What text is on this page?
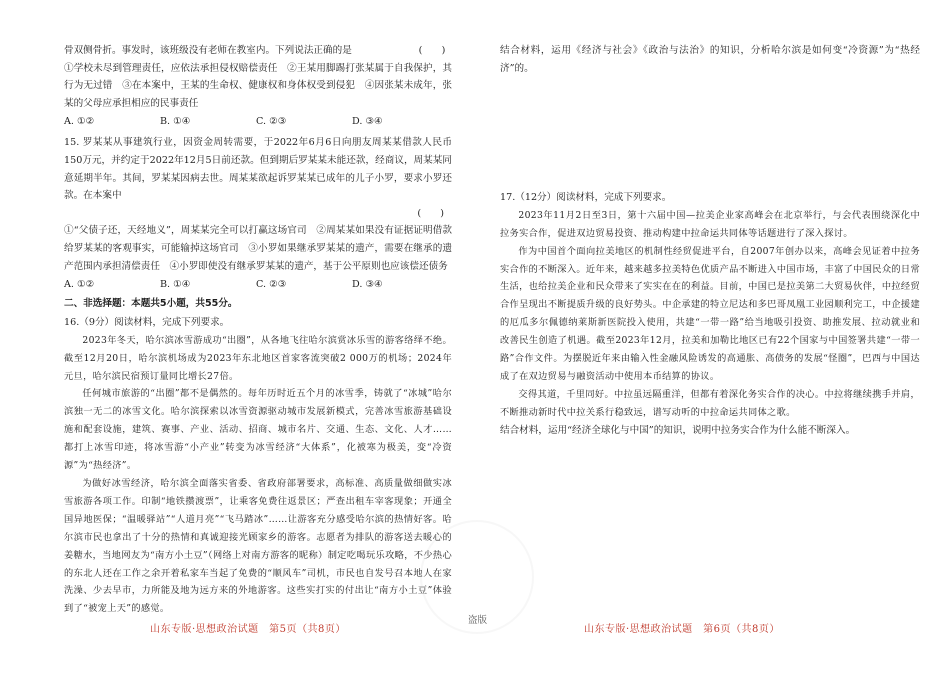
骨双侧骨折。事发时，该班级没有老师在教室内。下列说法正确的是	(　　)

①学校未尽到管理责任，应依法承担侵权赔偿责任　②王某用脚踢打张某属于自我保护，其行为无过错　③在本案中，王某的生命权、健康权和身体权受到侵犯　④因张某未成年，张某的父母应承担相应的民事责任

A. ①②	B. ①④	C. ②③	D. ③④

15. 罗某某从事建筑行业，因资金周转需要，于2022年6月6日向朋友周某某借款人民币150万元，并约定于2022年12月5日前还款。但到期后罗某某未能还款，经商议，周某某同意延期半年。其间，罗某某因病去世。周某某欲起诉罗某某已成年的儿子小罗，要求小罗还款。在本案中

(　　)

①“父债子还，天经地义”，周某某完全可以打赢这场官司　②周某某如果没有证据证明借款给罗某某的客观事实，可能输掉这场官司　③小罗如果继承罗某某的遗产，需要在继承的遗产范围内承担清偿责任　④小罗即使没有继承罗某某的遗产，基于公平原则也应该偿还债务

A. ①②	B. ①④	C. ②③	D. ③④

二、非选择题：本题共5小题，共55分。

16.（9分）阅读材料，完成下列要求。

2023年冬天，哈尔滨冰雪游成功“出圈”，从各地飞往哈尔滨赏冰乐雪的游客络绎不绝。截至12月20日，哈尔滨机场成为2023年东北地区首家客流突破2 000万的机场；2024年元旦，哈尔滨民宿预订量同比增长27倍。

任何城市旅游的“出圈”都不是偶然的。每年历时近五个月的冰雪季，铸就了“冰城”哈尔滨独一无二的冰雪文化。哈尔滨探索以冰雪资源驱动城市发展新模式，完善冰雪旅游基础设施和配套设施，建筑、赛事、产业、活动、招商、城市名片、交通、生态、文化、人才……都打上冰雪印迹，将冰雪游“小产业”转变为冰雪经济“大体系”，化被寒为极美，变“冷资源”为“热经济”。

为做好冰雪经济，哈尔滨全面落实省委、省政府部署要求，高标准、高质量做细做实冰雪旅游各项工作。印制“地铁攒渡票”，让乘客免费往返景区；严查出租车宰客现象；开通全国异地医保；“温暖驿站”“人道月亮”“飞马踏冰”……让游客充分感受哈尔滨的热情好客。哈尔滨市民也拿出了十分的热情和真诚迎接光顾家乡的游客。志愿者为排队的游客送去暖心的姜糖水，当地网友为“南方小土豆”（网络上对南方游客的昵称）制定吃喝玩乐攻略，不少热心的东北人还在工作之余开着私家车当起了免费的“顺风车”司机，市民也自发号召本地人在家洗澡、少去早市，力所能及地为远方来的外地游客。这些实打实的付出让“南方小土豆”体验到了“被宠上天”的感觉。

盗版

结合材料，运用《经济与社会》《政治与法治》的知识，分析哈尔滨是如何变“冷资源”为“热经济”的。

17.（12分）阅读材料，完成下列要求。

2023年11月2日至3日，第十六届中国—拉美企业家高峰会在北京举行，与会代表围绕深化中拉务实合作，促进双边贸易投资、推动构建中拉命运共同体等话题进行了深入探讨。

作为中国首个面向拉美地区的机制性经贸促进平台，自2007年创办以来，高峰会见证着中拉务实合作的不断深入。近年来，越来越多拉美特色优质产品不断进入中国市场，丰富了中国民众的日常生活，也给拉美企业和民众带来了实实在在的利益。目前，中国已是拉美第二大贸易伙伴，中拉经贸合作呈现出不断提质升级的良好势头。中企承建的特立尼达和多巴哥凤凰工业园顺利完工，中企援建的厄瓜多尔佩德纳莱斯新医院投入使用，共建“一带一路”给当地吸引投资、助推发展、拉动就业和改善民生创造了机遇。截至2023年12月，拉美和加勒比地区已有22个国家与中国签署共建“一带一路”合作文件。为摆脱近年来由输入性金融风险诱发的高通胀、高债务的发展“怪圈”，巴西与中国达成了在双边贸易与融资活动中使用本币结算的协议。

交得其道，千里同好。中拉虽远隔重洋，但都有着深化务实合作的决心。中拉将继续携手并肩，不断推动新时代中拉关系行稳致远，谱写动听的中拉命运共同体之歌。

结合材料，运用“经济全球化与中国”的知识，说明中拉务实合作为什么能不断深入。

山东专版·思想政治试题　第5页（共8页）	山东专版·思想政治试题　第6页（共8页）
